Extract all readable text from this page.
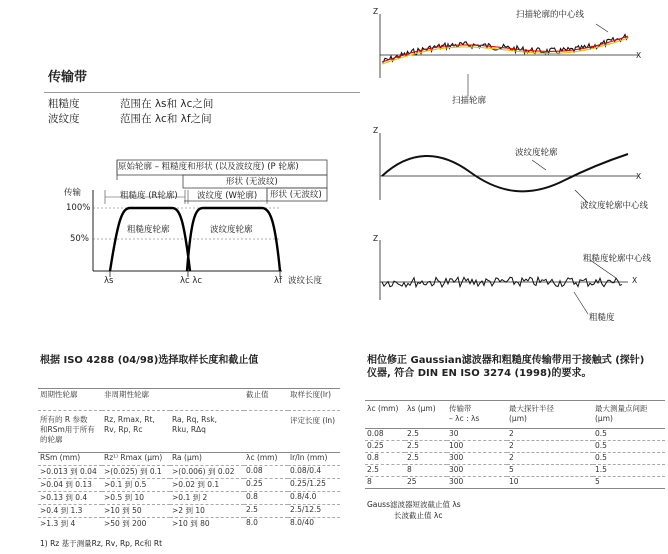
传输带
粗糙度	范围在 λs和 λc之间
波纹度	范围在 λc和 λf之间
原始轮廓 – 粗糙度和形状 (以及波纹度) (P 轮廓)
形状 (无波纹)
形状 (无波纹)
粗糙度 (R轮廓) 波纹度 (W轮廓)
传输
100%
50%
粗糙度轮廓	波纹度轮廓
λs	λc λc	λf 波纹长度
Z
X
扫描轮廓的中心线
扫描轮廓
Z
X
波纹度轮廓
波纹度轮廓中心线
Z
X
粗糙度轮廓中心线
粗糙度
根据 ISO 4288 (04/98)选择取样长度和截止值
周期性轮廓	非周期性轮廓		截止值	取样长度(lr)
所有的 R 参数
和RSm用于所有
的轮廓	Rz, Rmax, Rt,
Rv, Rp, Rc	Ra, Rq, Rsk,
Rku, RΔq		评定长度 (ln)
RSm (mm)	Rz¹⁾ Rmax (μm)	Ra (μm)	λc (mm)	lr/ln (mm)
>0.013 到 0.04	>(0.025) 到 0.1	>(0.006) 到 0.02	0.08	0.08/0.4
>0.04 到 0.13	>0.1 到 0.5	>0.02 到 0.1	0.25	0.25/1.25
>0.13 到 0.4	>0.5 到 10	>0.1 到 2	0.8	0.8/4.0
>0.4 到 1.3	>10 到 50	>2 到 10	2.5	2.5/12.5
>1.3 到 4	>50 到 200	>10 到 80	8.0	8.0/40
1) Rz 基于测量Rz, Rv, Rp, Rc和 Rt
相位修正 Gaussian滤波器和粗糙度传输带用于接触式 (探针)
仪器, 符合 DIN EN ISO 3274 (1998)的要求。
λc (mm)	λs (μm)	传输带
– λc : λs	最大探针半径
(μm)	最大测量点间距
(μm)
0.08	2.5	30	2	0.5
0.25	2.5	100	2	0.5
0.8	2.5	300	2	0.5
2.5	8	300	5	1.5
8	25	300	10	5

Gauss滤波器短波截止值 λs
长波截止值 λc
